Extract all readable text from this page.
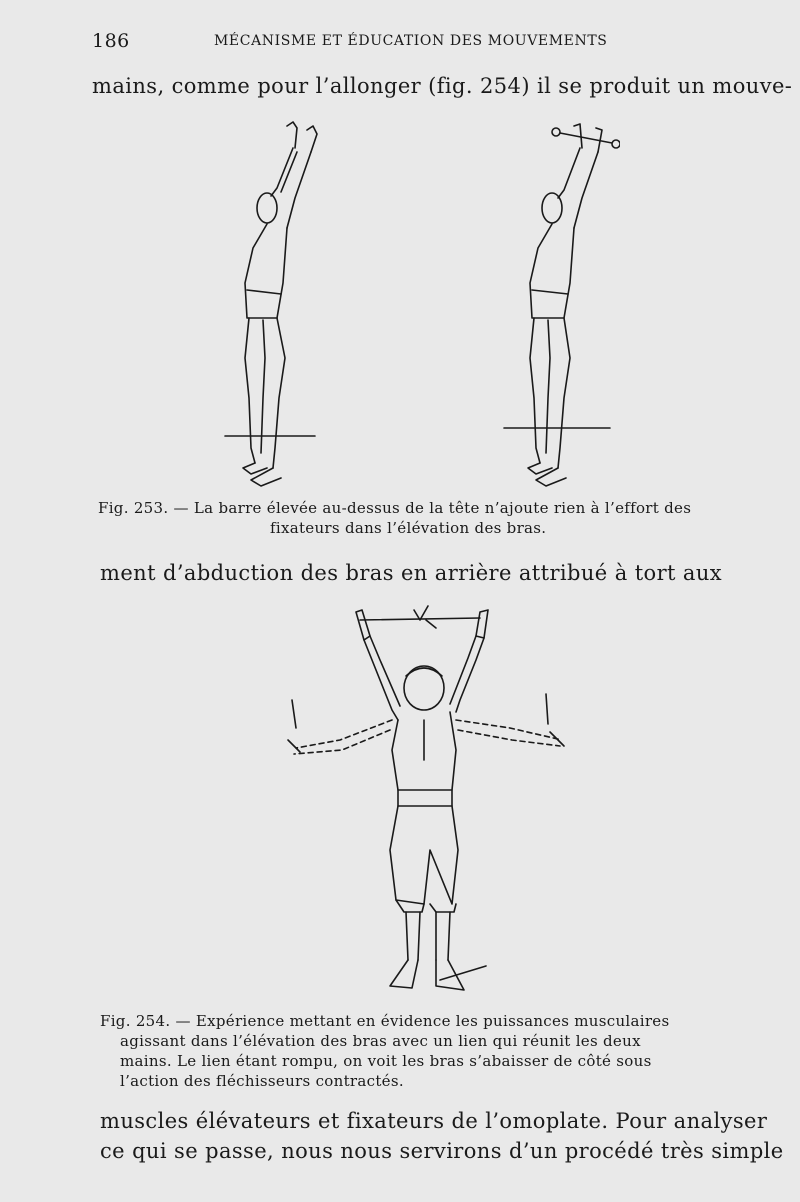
186	MÉCANISME ET ÉDUCATION DES MOUVEMENTS
mains, comme pour l’allonger (fig. 254) il se produit un mouve-
Fig. 253. — La barre élevée au-dessus de la tête n’ajoute rien à l’effort des
fixateurs dans l’élévation des bras.
ment d’abduction des bras en arrière attribué à tort aux
Fig. 254. — Expérience mettant en évidence les puissances musculaires
agissant dans l’élévation des bras avec un lien qui réunit les deux
mains. Le lien étant rompu, on voit les bras s’abaisser de côté sous
l’action des fléchisseurs contractés.
muscles élévateurs et fixateurs de l’omoplate. Pour analyser
ce qui se passe, nous nous servirons d’un procédé très simple
